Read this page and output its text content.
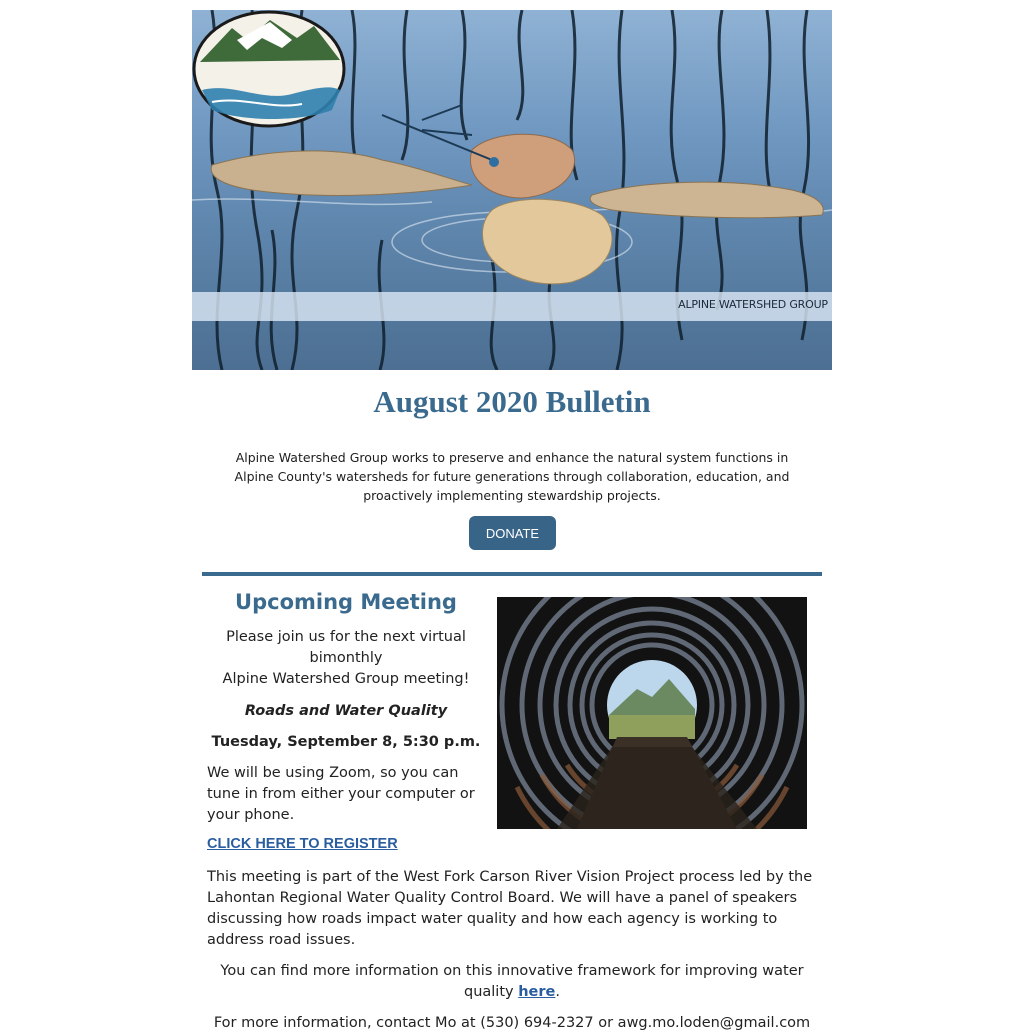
ALPINE WATERSHED GROUP
August 2020 Bulletin
Alpine Watershed Group works to preserve and enhance the natural system functions in Alpine County's watersheds for future generations through collaboration, education, and proactively implementing stewardship projects.
DONATE
Upcoming Meeting
Please join us for the next virtual bimonthly
Alpine Watershed Group meeting!
Roads and Water Quality
Tuesday, September 8, 5:30 p.m.
We will be using Zoom, so you can tune in from either your computer or your phone.
CLICK HERE TO REGISTER
This meeting is part of the West Fork Carson River Vision Project process led by the Lahontan Regional Water Quality Control Board. We will have a panel of speakers discussing how roads impact water quality and how each agency is working to address road issues.
You can find more information on this innovative framework for improving water quality here.
For more information, contact Mo at (530) 694-2327 or awg.mo.loden@gmail.com
